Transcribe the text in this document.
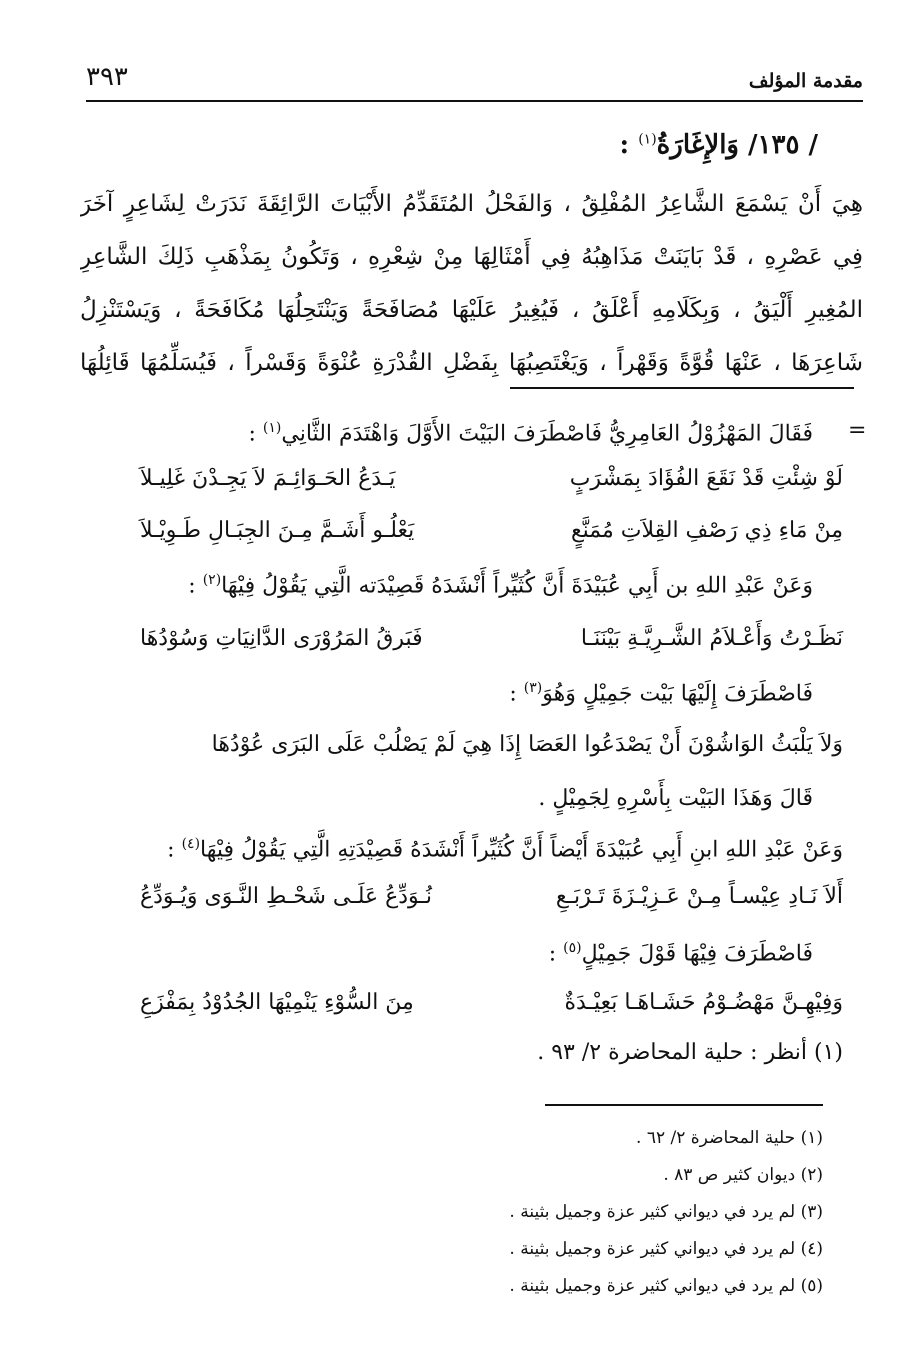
مقدمة المؤلف
٣٩٣
/ ١٣٥/ وَالإِغَارَةُ$^{(١)}$ :
هِيَ أَنْ يَسْمَعَ الشَّاعِرُ المُفْلِقُ ، وَالفَحْلُ المُتَقَدِّمُ الأَبْيَاتَ الرَّائِقَةَ نَدَرَتْ لِشَاعِرٍ آخَرَ
فِي عَصْرِهِ ، قَدْ بَايَنَتْ مَذَاهِبُهُ فِي أَمْثَالِهَا مِنْ شِعْرِهِ ، وَتَكُونُ بِمَذْهَبِ ذَلِكَ الشَّاعِرِ
المُغِيرِ أَلْيَقُ ، وَبِكَلَامِهِ أَعْلَقُ ، فَيُغِيرُ عَلَيْهَا مُصَافَحَةً وَيَنْتَحِلُهَا مُكَافَحَةً ، وَيَسْتَنْزِلُ
شَاعِرَهَا ، عَنْهَا قُوَّةً وَقَهْراً ، وَيَغْتَصِبُهَا بِفَضْلِ القُدْرَةِ عُنْوَةً وَقَسْراً ، فَيُسَلِّمُهَا قَائِلُهَا
=
فَقَالَ المَهْزُوْلُ العَامِرِيُّ فَاصْطَرَفَ البَيْتَ الأَوَّلَ وَاهْتَدَمَ الثَّانِي$^{(١)}$ :
لَوْ شِئْتِ قَدْ نَقَعَ الفُؤَادَ بِمَشْرَبٍ
يَـدَعُ الحَـوَائِـمَ لاَ يَجِـدْنَ غَلِيـلاَ
مِنْ مَاءِ ذِي رَصْفِ القِلاَتِ مُمَنَّعٍ
يَعْلُـو أَشَـمَّ مِـنَ الجِبَـالِ طَـوِيْـلاَ
وَعَنْ عَبْدِ اللهِ بن أَبِي عُبَيْدَةَ أَنَّ كُثَيِّراً أَنْشَدَهُ قَصِيْدَته الَّتِي يَقُوْلُ فِيْهَا$^{(٢)}$ :
نَظَـرْتُ وَأَعْـلاَمُ الشَّـرِيَّـةِ بَيْنَنَـا
فَبَرقُ المَرُوْرَى الدَّانِيَاتِ وَسُوْدُهَا
فَاصْطَرَفَ إِلَيْهَا بَيْت جَمِيْلٍ وَهُوَ$^{(٣)}$ :
وَلاَ يَلْبَثُ الوَاشُوْنَ أَنْ يَصْدَعُوا العَصَا إِذَا هِيَ لَمْ يَصْلُبْ عَلَى البَرَى عُوْدُهَا
قَالَ وَهَذَا البَيْت بِأَسْرِهِ لِجَمِيْلٍ .
وَعَنْ عَبْدِ اللهِ ابنِ أَبِي عُبَيْدَةَ أَيْضاً أَنَّ كُثَيِّراً أَنْشَدَهُ قَصِيْدَتِهِ الَّتِي يَقُوْلُ فِيْهَا$^{(٤)}$ :
أَلاَ نَـادِ عِيْسـاً مِـنْ عَـزِيْـزَةَ تَـرْبَـعِ
نُـوَدِّعُ عَلَـى شَحْـطِ النَّـوَى وَيُـوَدِّعُ
فَاصْطَرَفَ فِيْهَا قَوْلَ جَمِيْلٍ$^{(٥)}$ :
وَفِيْهِـنَّ مَهْضُـوْمُ حَشَـاهَـا بَعِيْـدَةٌ
مِنَ السُّوْءِ يَنْمِيْهَا الجُدُوْدُ بِمَفْزَعِ
(١) أنظر : حلية المحاضرة ٢/ ٩٣ .
(١) حلية المحاضرة ٢/ ٦٢ .
(٢) ديوان كثير ص ٨٣ .
(٣) لم يرد في ديواني كثير عزة وجميل بثينة .
(٤) لم يرد في ديواني كثير عزة وجميل بثينة .
(٥) لم يرد في ديواني كثير عزة وجميل بثينة .
